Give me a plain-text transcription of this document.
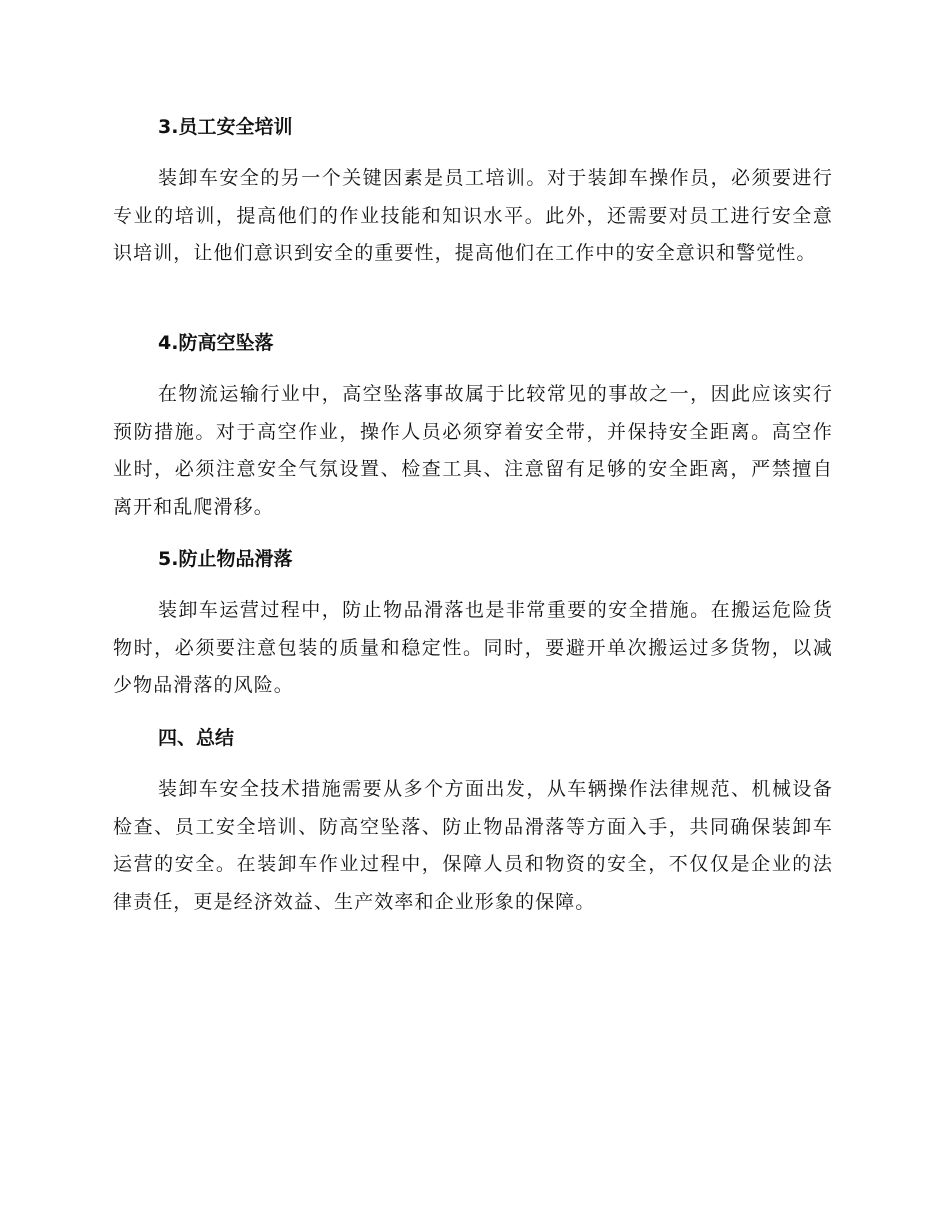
3.员工安全培训

装卸车安全的另一个关键因素是员工培训。对于装卸车操作员，必须要进行专业的培训，提高他们的作业技能和知识水平。此外，还需要对员工进行安全意识培训，让他们意识到安全的重要性，提高他们在工作中的安全意识和警觉性。

4.防高空坠落

在物流运输行业中，高空坠落事故属于比较常见的事故之一，因此应该实行预防措施。对于高空作业，操作人员必须穿着安全带，并保持安全距离。高空作业时，必须注意安全气氛设置、检查工具、注意留有足够的安全距离，严禁擅自离开和乱爬滑移。

5.防止物品滑落

装卸车运营过程中，防止物品滑落也是非常重要的安全措施。在搬运危险货物时，必须要注意包装的质量和稳定性。同时，要避开单次搬运过多货物，以减少物品滑落的风险。

四、总结

装卸车安全技术措施需要从多个方面出发，从车辆操作法律规范、机械设备检查、员工安全培训、防高空坠落、防止物品滑落等方面入手，共同确保装卸车运营的安全。在装卸车作业过程中，保障人员和物资的安全，不仅仅是企业的法律责任，更是经济效益、生产效率和企业形象的保障。
